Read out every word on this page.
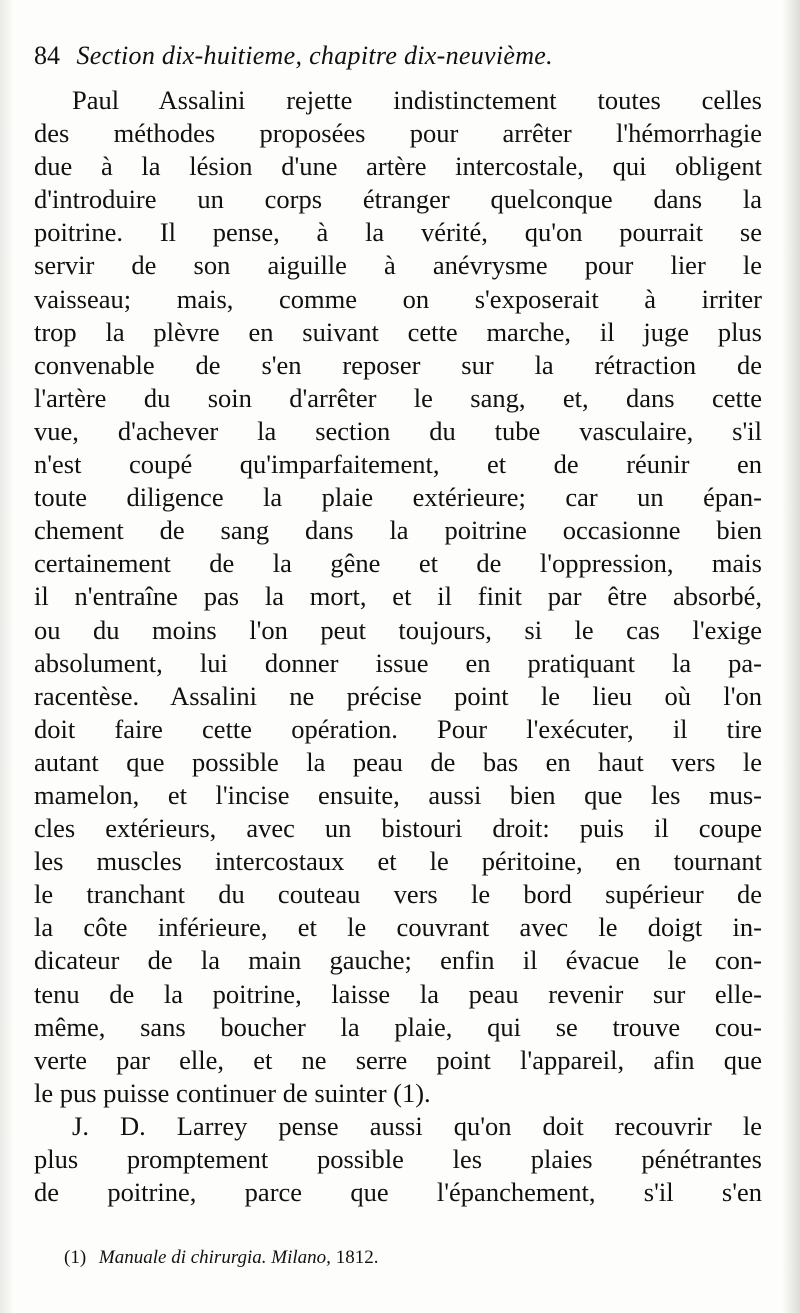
84 Section dix-huitieme, chapitre dix-neuvième.
Paul Assalini rejette indistinctement toutes celles
des méthodes proposées pour arrêter l'hémorrhagie
due à la lésion d'une artère intercostale, qui obligent
d'introduire un corps étranger quelconque dans la
poitrine. Il pense, à la vérité, qu'on pourrait se
servir de son aiguille à anévrysme pour lier le
vaisseau; mais, comme on s'exposerait à irriter
trop la plèvre en suivant cette marche, il juge plus
convenable de s'en reposer sur la rétraction de
l'artère du soin d'arrêter le sang, et, dans cette
vue, d'achever la section du tube vasculaire, s'il
n'est coupé qu'imparfaitement, et de réunir en
toute diligence la plaie extérieure; car un épan-
chement de sang dans la poitrine occasionne bien
certainement de la gêne et de l'oppression, mais
il n'entraîne pas la mort, et il finit par être absorbé,
ou du moins l'on peut toujours, si le cas l'exige
absolument, lui donner issue en pratiquant la pa-
racentèse. Assalini ne précise point le lieu où l'on
doit faire cette opération. Pour l'exécuter, il tire
autant que possible la peau de bas en haut vers le
mamelon, et l'incise ensuite, aussi bien que les mus-
cles extérieurs, avec un bistouri droit: puis il coupe
les muscles intercostaux et le péritoine, en tournant
le tranchant du couteau vers le bord supérieur de
la côte inférieure, et le couvrant avec le doigt in-
dicateur de la main gauche; enfin il évacue le con-
tenu de la poitrine, laisse la peau revenir sur elle-
même, sans boucher la plaie, qui se trouve cou-
verte par elle, et ne serre point l'appareil, afin que
le pus puisse continuer de suinter (1).
J. D. Larrey pense aussi qu'on doit recouvrir le
plus promptement possible les plaies pénétrantes
de poitrine, parce que l'épanchement, s'il s'en
(1) Manuale di chirurgia. Milano, 1812.
